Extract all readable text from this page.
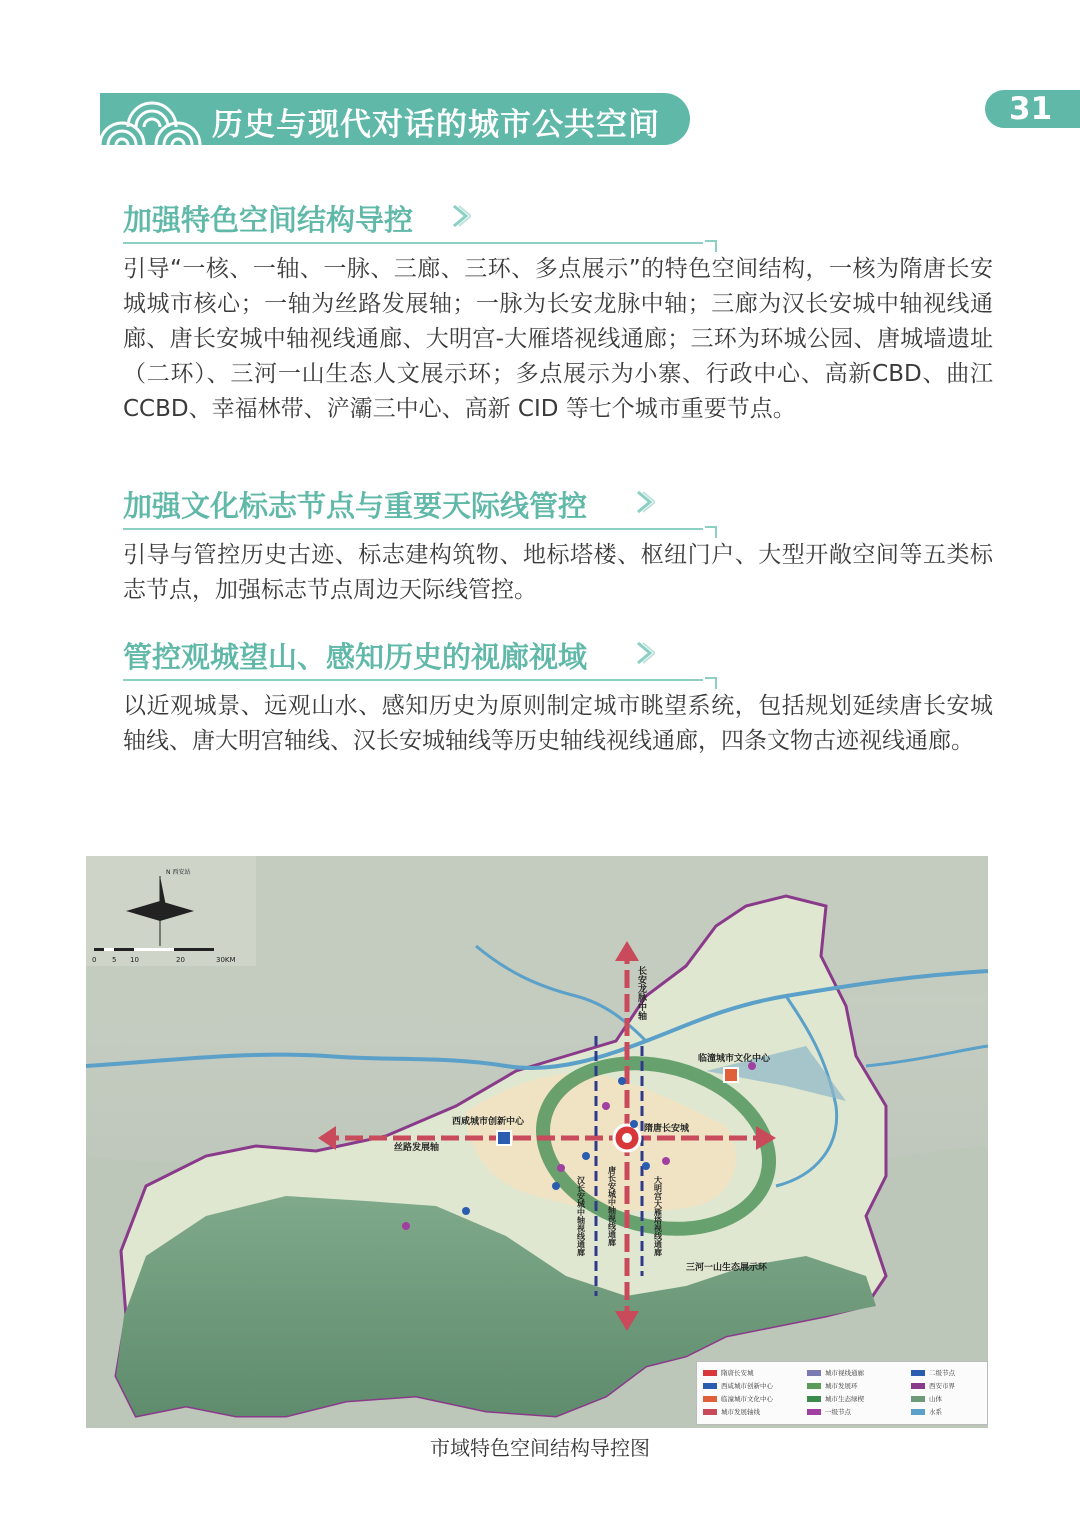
历史与现代对话的城市公共空间	31
加强特色空间结构导控
引导“一核、一轴、一脉、三廊、三环、多点展示”的特色空间结构，一核为隋唐长安城城市核心；一轴为丝路发展轴；一脉为长安龙脉中轴；三廊为汉长安城中轴视线通廊、唐长安城中轴视线通廊、大明宫-大雁塔视线通廊；三环为环城公园、唐城墙遗址（二环）、三河一山生态人文展示环；多点展示为小寨、行政中心、高新CBD、曲江CCBD、幸福林带、浐灞三中心、高新 CID 等七个城市重要节点。
加强文化标志节点与重要天际线管控
引导与管控历史古迹、标志建构筑物、地标塔楼、枢纽门户、大型开敞空间等五类标志节点，加强标志节点周边天际线管控。
管控观城望山、感知历史的视廊视域
以近观城景、远观山水、感知历史为原则制定城市眺望系统，包括规划延续唐长安城轴线、唐大明宫轴线、汉长安城轴线等历史轴线视线通廊，四条文物古迹视线通廊。
N 西安站
0 5 10	20	30KM
隋唐长安城
西咸城市创新中心
临潼城市文化中心
丝路发展轴
三河一山生态展示环
长安龙脉中轴
汉长安城中轴视线通廊	唐长安城中轴视线通廊	大明宫大雁塔视线通廊
隋唐长安城
西咸城市创新中心
临潼城市文化中心
城市发展轴线
城市视线通廊
城市发展环
城市生态绿楔
一级节点
二级节点
西安市界
山体
水系
市域特色空间结构导控图
